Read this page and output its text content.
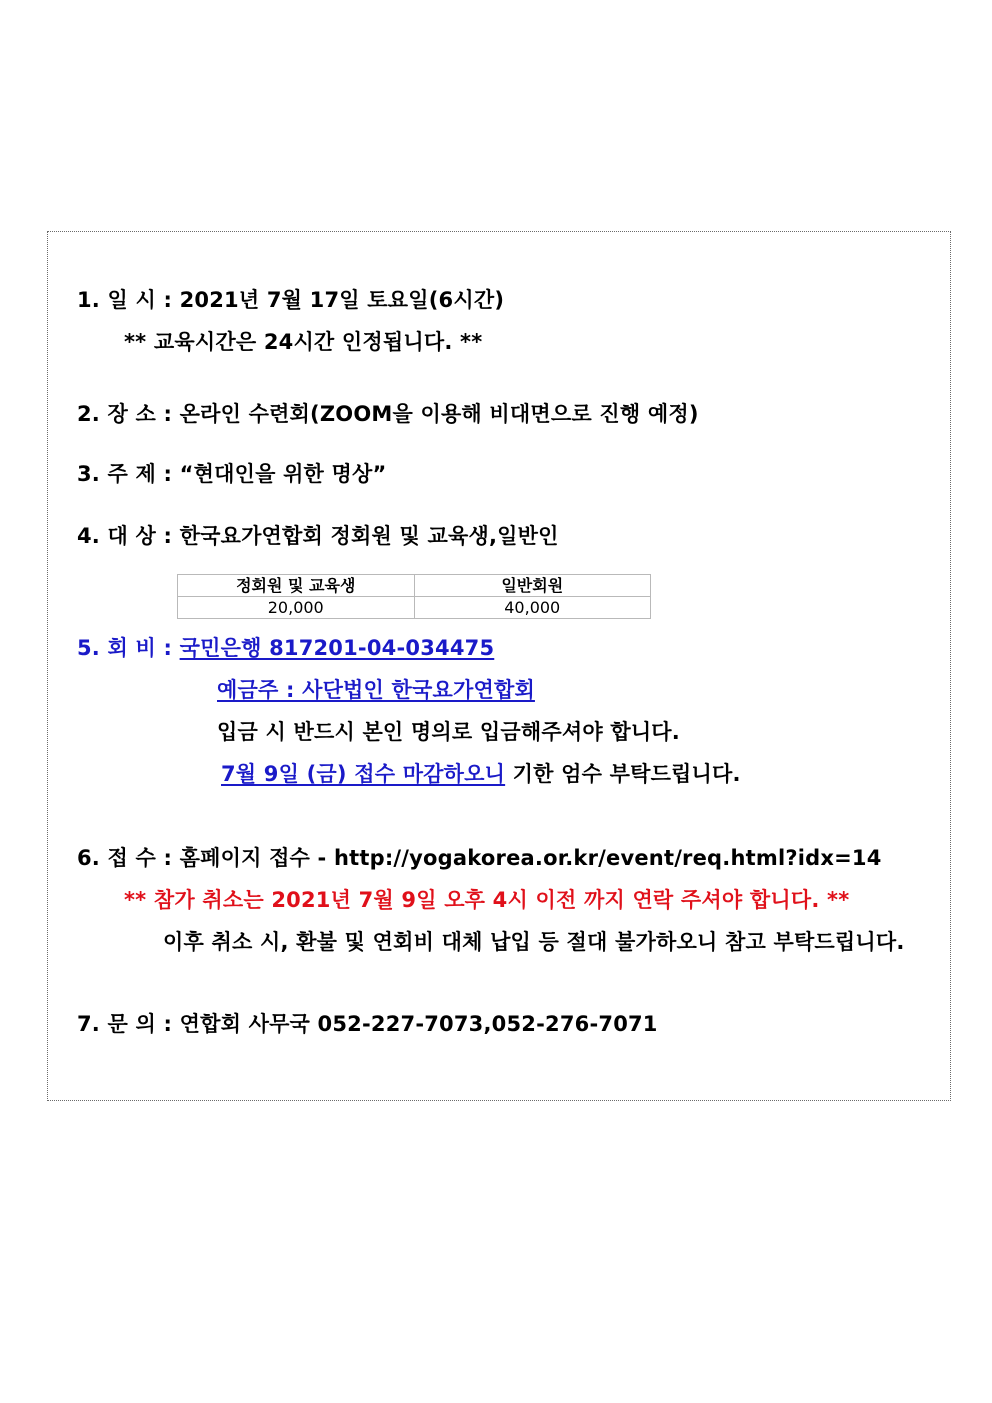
1. 일 시 : 2021년 7월 17일 토요일(6시간)
** 교육시간은 24시간 인정됩니다. **
2. 장 소 : 온라인 수련회(ZOOM을 이용해 비대면으로 진행 예정)
3. 주 제 : “현대인을 위한 명상”
4. 대 상 : 한국요가연합회 정회원 및 교육생,일반인
정회원 및 교육생	일반회원
20,000	40,000
5. 회 비 : 국민은행 817201-04-034475
예금주 : 사단법인 한국요가연합회
입금 시 반드시 본인 명의로 입금해주셔야 합니다.
7월 9일 (금) 접수 마감하오니 기한 엄수 부탁드립니다.
6. 접 수 : 홈페이지 접수 - http://yogakorea.or.kr/event/req.html?idx=14
** 참가 취소는 2021년 7월 9일 오후 4시 이전 까지 연락 주셔야 합니다. **
이후 취소 시, 환불 및 연회비 대체 납입 등 절대 불가하오니 참고 부탁드립니다.
7. 문 의 : 연합회 사무국 052-227-7073,052-276-7071
